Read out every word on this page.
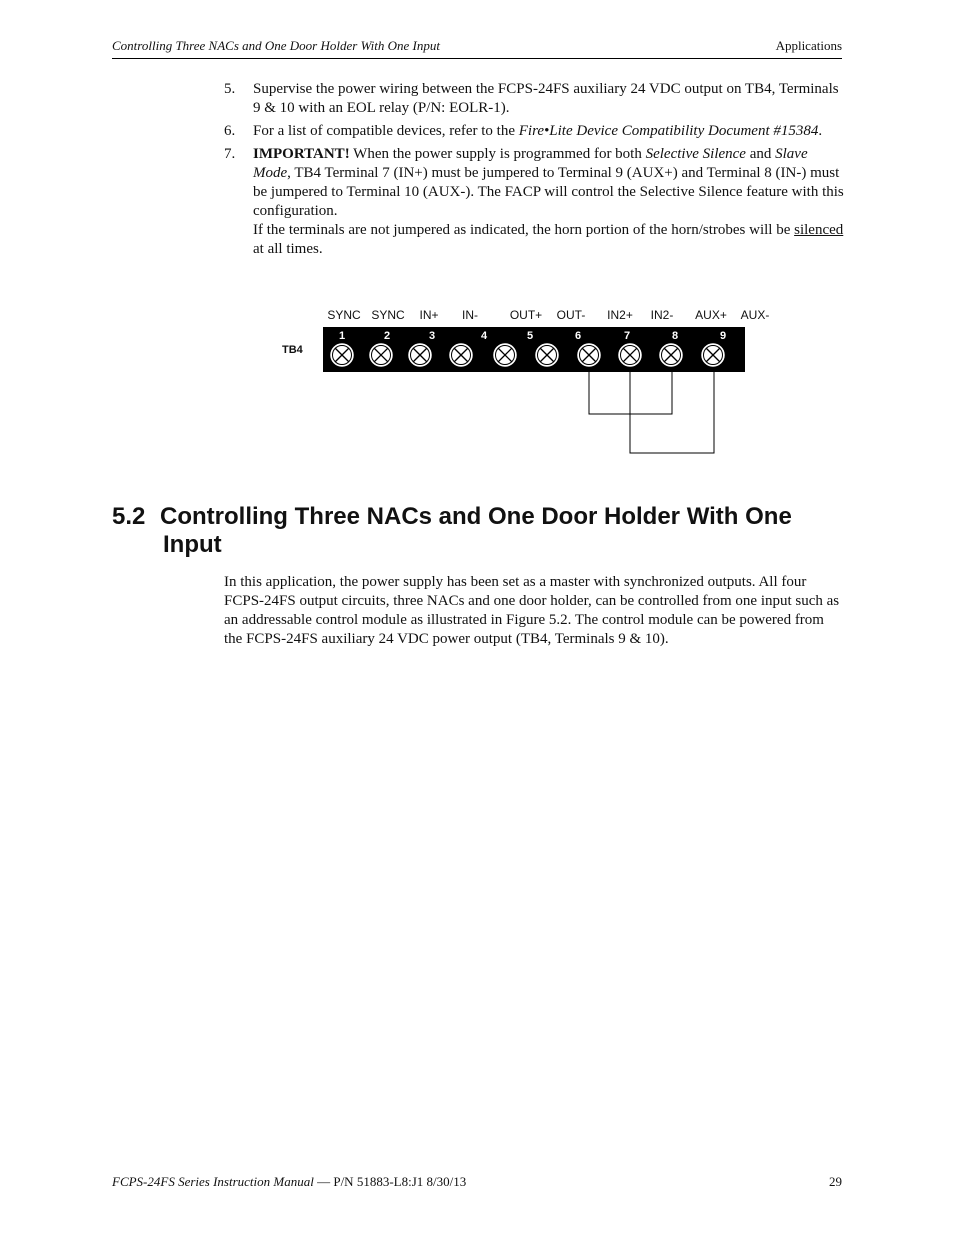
Controlling Three NACs and One Door Holder With One Input	Applications
5. Supervise the power wiring between the FCPS-24FS auxiliary 24 VDC output on TB4, Terminals 9 & 10 with an EOL relay (P/N: EOLR-1).

6. For a list of compatible devices, refer to the Fire•Lite Device Compatibility Document #15384.

7. IMPORTANT! When the power supply is programmed for both Selective Silence and Slave Mode, TB4 Terminal 7 (IN+) must be jumpered to Terminal 9 (AUX+) and Terminal 8 (IN-) must be jumpered to Terminal 10 (AUX-). The FACP will control the Selective Silence feature with this configuration.

If the terminals are not jumpered as indicated, the horn portion of the horn/strobes will be silenced at all times.

SYNC SYNC IN+ IN-	OUT+ OUT- IN2+ IN2- AUX+ AUX-
TB4
1	2	3	4	5	6	7	8	9
5.2 Controlling Three NACs and One Door Holder With One
Input

In this application, the power supply has been set as a master with synchronized outputs. All four FCPS-24FS output circuits, three NACs and one door holder, can be controlled from one input such as an addressable control module as illustrated in Figure 5.2. The control module can be powered from the FCPS-24FS auxiliary 24 VDC power output (TB4, Terminals 9 & 10).

FCPS-24FS Series Instruction Manual — P/N 51883-L8:J1 8/30/13	29
